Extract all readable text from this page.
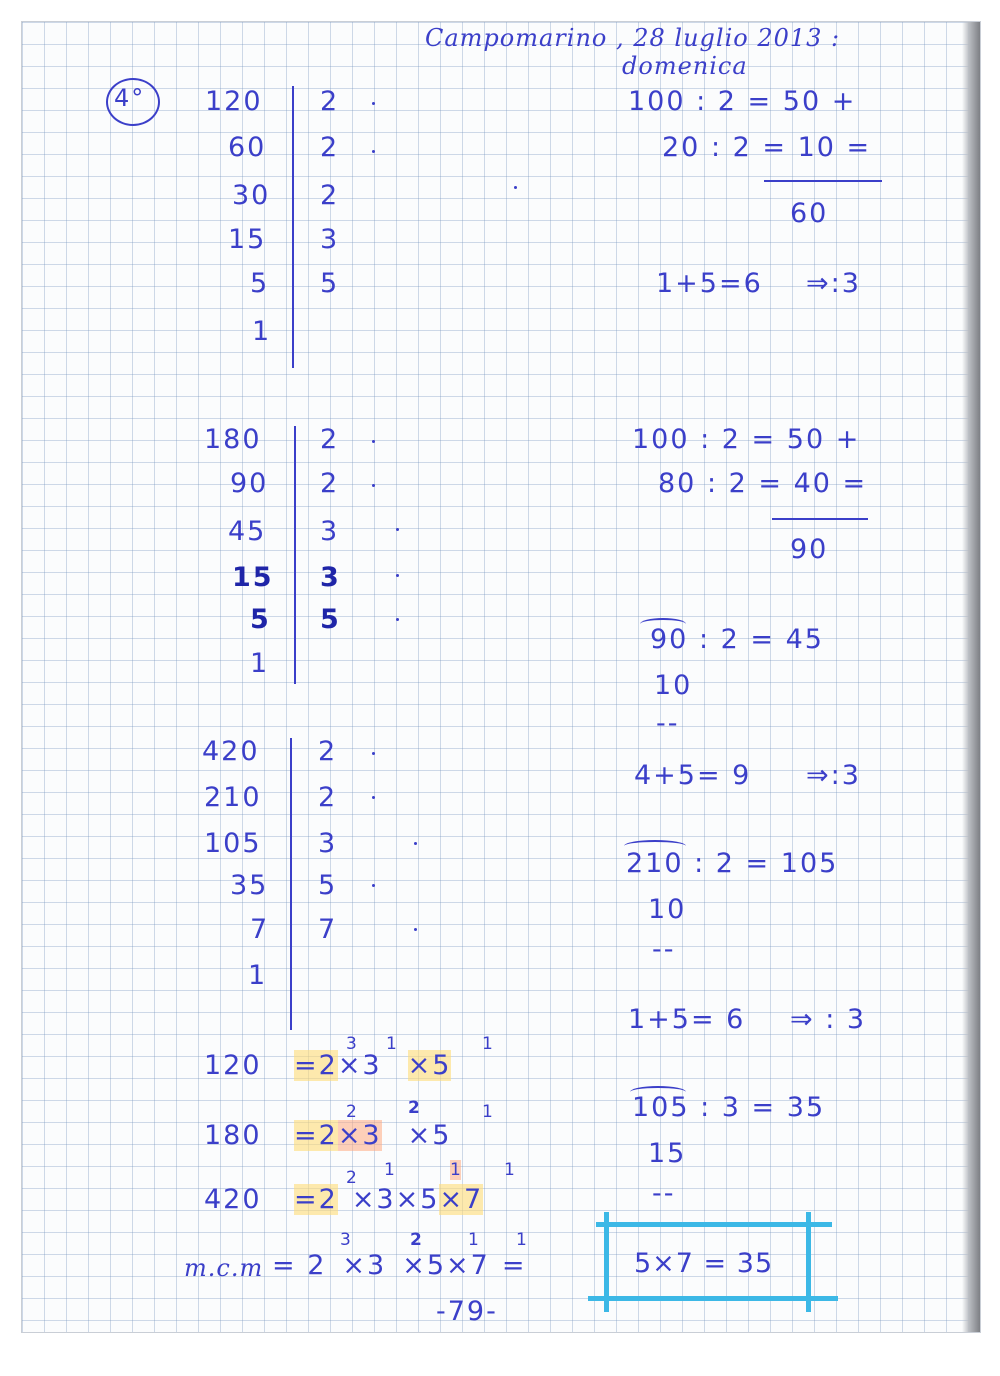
Campomarino , 28 luglio 2013 :
domenica
4° 120 2
60 2
30 2
15 3
5 5
1
100 : 2 = 50 +
20 : 2 = 10 =
60
1+5=6 ⇒:3
180 2
90 2
45 3
15 3
5 5
1
100 : 2 = 50 +
80 : 2 = 40 =
90
90 : 2 = 45
10
--
4+5= 9 ⇒:3
420 2
210 2
105 3
35 5
7 7
1
210 : 2 = 105
10
--
1+5= 6 ⇒ : 3
105 : 3 = 35
15
--
120 =2×3 ×5
3 1	1
180 =2×3 ×5
2	2	1
420 =2 ×3×5×7
2 1	1	1
m.c.m = 2 ×3 ×5×7 =
3	2	1 1
5×7 = 35
-79-
